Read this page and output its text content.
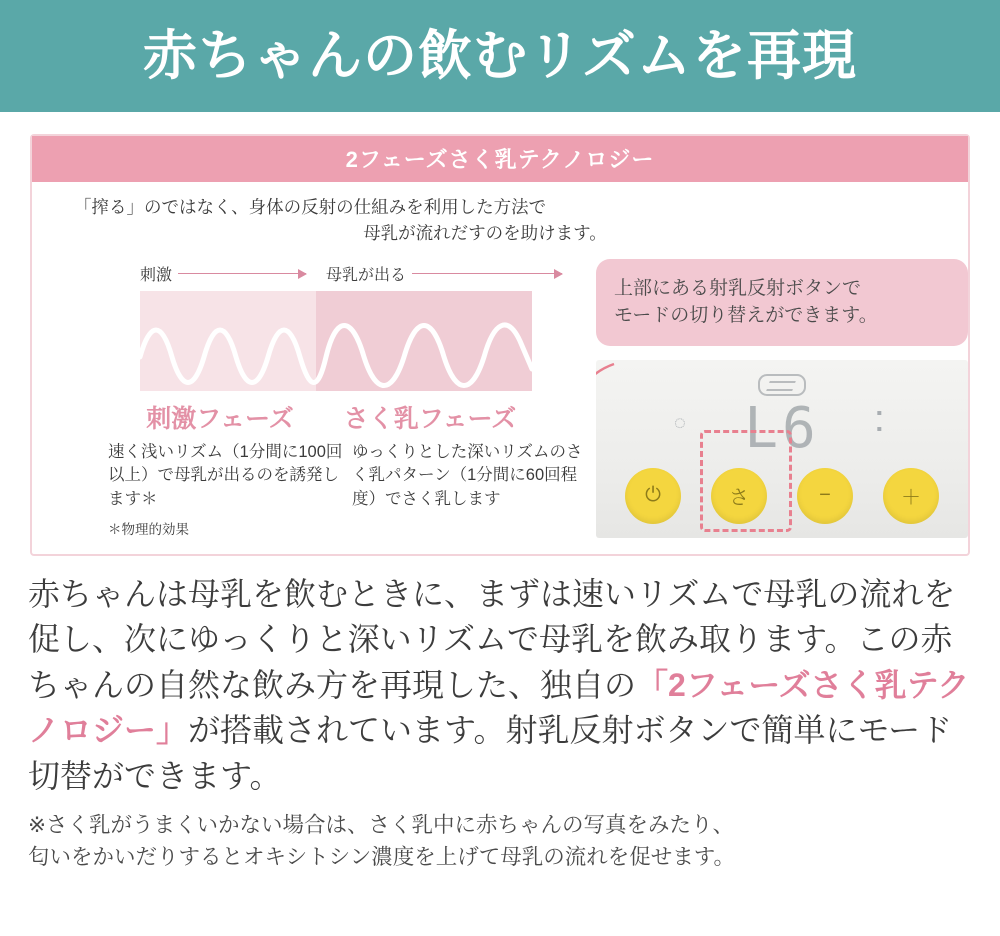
赤ちゃんの飲むリズムを再現
2フェーズさく乳テクノロジー
「搾る」のではなく、身体の反射の仕組みを利用した方法で
母乳が流れだすのを助けます。
刺激	母乳が出る
刺激フェーズ	さく乳フェーズ
速く浅いリズム（1分間に100回以上）で母乳が出るのを誘発します＊
＊物理的効果
ゆっくりとした深いリズムのさく乳パターン（1分間に60回程度）でさく乳します
上部にある射乳反射ボタンで
モードの切り替えができます。
◌	L6	▪
▪
⏻	さ	−	＋
赤ちゃんは母乳を飲むときに、まずは速いリズムで母乳の流れを促し、次にゆっくりと深いリズムで母乳を飲み取ります。この赤ちゃんの自然な飲み方を再現した、独自の「2フェーズさく乳テクノロジー」が搭載されています。射乳反射ボタンで簡単にモード切替ができます。
※さく乳がうまくいかない場合は、さく乳中に赤ちゃんの写真をみたり、
匂いをかいだりするとオキシトシン濃度を上げて母乳の流れを促せます。
